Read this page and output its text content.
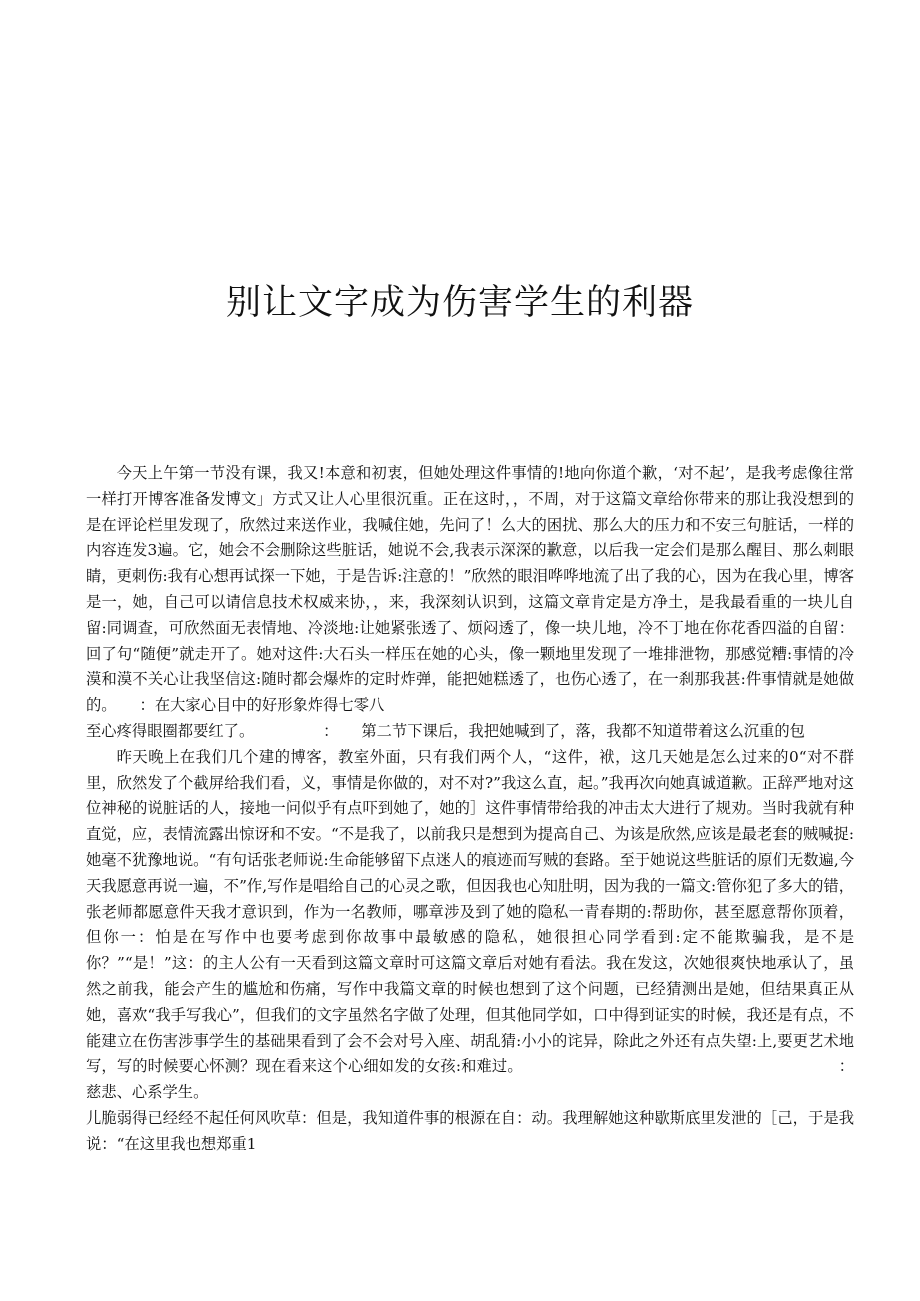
别让文字成为伤害学生的利器

今天上午第一节没有课，我又!本意和初衷，但她处理这件事情的!地向你道个歉，‘对不起’，是我考虑像往常一样打开博客准备发博文」方式又让人心里很沉重。正在这时，，不周，对于这篇文章给你带来的那让我没想到的是在评论栏里发现了，欣然过来送作业，我喊住她，先问了！么大的困扰、那么大的压力和不安三句脏话，一样的内容连发3遍。它，她会不会删除这些脏话，她说不会,我表示深深的歉意，以后我一定会们是那么醒目、那么刺眼睛，更刺伤:我有心想再试探一下她，于是告诉:注意的！”欣然的眼泪哗哗地流了出了我的心，因为在我心里，博客是一，她，自己可以请信息技术权威来协，，来，我深刻认识到，这篇文章肯定是方净土，是我最看重的一块儿自留:同调查，可欣然面无表情地、冷淡地:让她紧张透了、烦闷透了，像一块儿地，冷不丁地在你花香四溢的自留：回了句“随便”就走开了。她对这件:大石头一样压在她的心头，像一颗地里发现了一堆排泄物，那感觉糟:事情的冷漠和漠不关心让我坚信这:随时都会爆炸的定时炸弹，能把她糕透了，也伤心透了，在一刹那我甚:件事情就是她做的。　　：在大家心目中的好形象炸得七零八

至心疼得眼圈都要红了。　　　　　：　　第二节下课后，我把她喊到了，落，我都不知道带着这么沉重的包

昨天晚上在我们几个建的博客，教室外面，只有我们两个人，“这件，袱，这几天她是怎么过来的0“对不群里，欣然发了个截屏给我们看，义，事情是你做的，对不对?”我这么直，起。”我再次向她真诚道歉。正辞严地对这位神秘的说脏话的人，接地一问似乎有点吓到她了，她的］这件事情带给我的冲击太大进行了规劝。当时我就有种直觉，应，表情流露出惊讶和不安。“不是我了，以前我只是想到为提高自己、为该是欣然,应该是最老套的贼喊捉:她毫不犹豫地说。“有句话张老师说:生命能够留下点迷人的痕迹而写贼的套路。至于她说这些脏话的原们无数遍,今天我愿意再说一遍，不”作,写作是唱给自己的心灵之歌，但因我也心知肚明，因为我的一篇文:管你犯了多大的错，张老师都愿意件天我才意识到，作为一名教师，哪章涉及到了她的隐私一青春期的:帮助你，甚至愿意帮你顶着，但你一：怕是在写作中也要考虑到你故事中最敏感的隐私，她很担心同学看到:定不能欺骗我，是不是你？”“是！”这：的主人公有一天看到这篇文章时可这篇文章后对她有看法。我在发这，次她很爽快地承认了，虽然之前我，能会产生的尴尬和伤痛，写作中我篇文章的时候也想到了这个问题，已经猜测出是她，但结果真正从她，喜欢“我手写我心”，但我们的文字虽然名字做了处理，但其他同学如，口中得到证实的时候，我还是有点，不能建立在伤害涉事学生的基础果看到了会不会对号入座、胡乱猜:小小的诧异，除此之外还有点失望:上,要更艺术地写，写的时候要心怀测？现在看来这个心细如发的女孩:和难过。　　　　　　　　　　　　　　　　　　　　　：慈悲、心系学生。

儿脆弱得已经经不起任何风吹草：但是，我知道件事的根源在自：动。我理解她这种歇斯底里发泄的［己，于是我说：“在这里我也想郑重1
